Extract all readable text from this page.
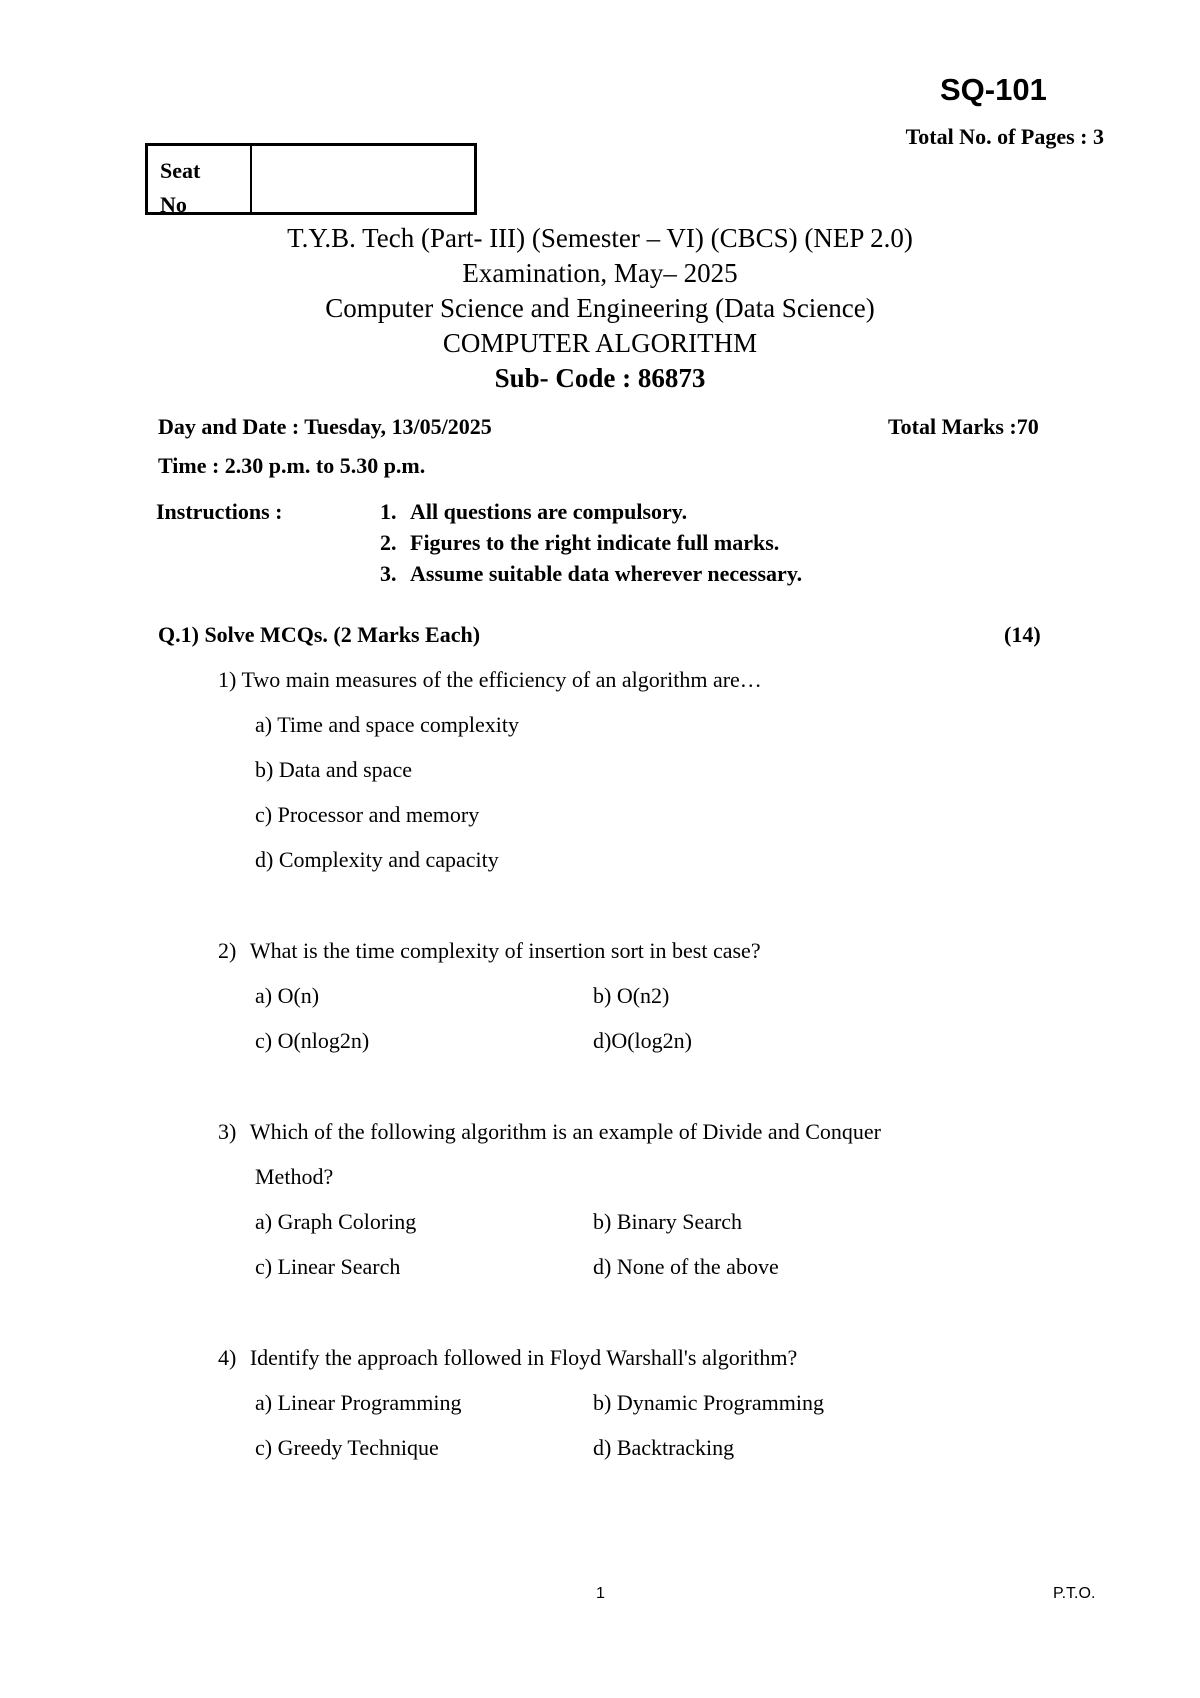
SQ-101
Total No. of Pages : 3
Seat
No
T.Y.B. Tech (Part- III) (Semester – VI) (CBCS) (NEP 2.0)
Examination, May– 2025
Computer Science and Engineering (Data Science)
COMPUTER ALGORITHM
Sub- Code : 86873
Day and Date : Tuesday, 13/05/2025	Total Marks :70
Time : 2.30 p.m. to 5.30 p.m.
Instructions :	1. All questions are compulsory.
2. Figures to the right indicate full marks.
3. Assume suitable data wherever necessary.
Q.1) Solve MCQs. (2 Marks Each)	(14)
1) Two main measures of the efficiency of an algorithm are…
a) Time and space complexity
b) Data and space
c) Processor and memory
d) Complexity and capacity
2) What is the time complexity of insertion sort in best case?
a) O(n)	b) O(n2)
c) O(nlog2n)	d)O(log2n)
3) Which of the following algorithm is an example of Divide and Conquer
Method?
a) Graph Coloring	b) Binary Search
c) Linear Search	d) None of the above
4) Identify the approach followed in Floyd Warshall's algorithm?
a) Linear Programming	b) Dynamic Programming
c) Greedy Technique	d) Backtracking
1	P.T.O.
